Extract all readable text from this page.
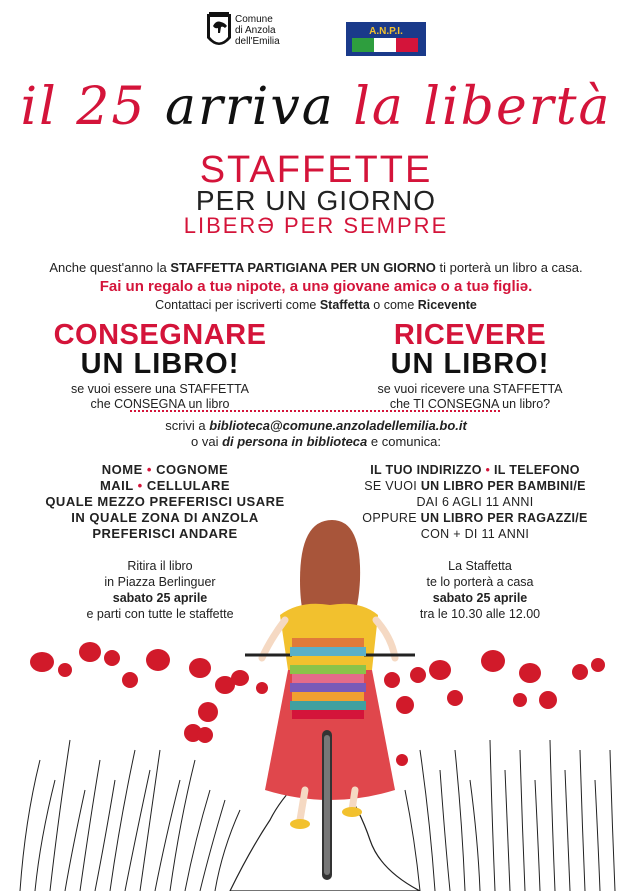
Comune
di Anzola
dell'Emilia
A.N.P.I.
il 25 arriva la libertà
STAFFETTE
PER UN GIORNO
LIBERƏ PER SEMPRE
Anche quest'anno la STAFFETTA PARTIGIANA PER UN GIORNO ti porterà un libro a casa.
Fai un regalo a tuə nipote, a unə giovane amicə o a tuə figliə.
Contattaci per iscriverti come Staffetta o come Ricevente
CONSEGNARE
UN LIBRO!
se vuoi essere una STAFFETTA
che CONSEGNA un libro
RICEVERE
UN LIBRO!
se vuoi ricevere una STAFFETTA
che TI CONSEGNA un libro?
scrivi a biblioteca@comune.anzoladellemilia.bo.it
o vai di persona in biblioteca e comunica:
NOME • COGNOME
MAIL • CELLULARE
QUALE MEZZO PREFERISCI USARE
IN QUALE ZONA DI ANZOLA
PREFERISCI ANDARE
IL TUO INDIRIZZO • IL TELEFONO
SE VUOI UN LIBRO PER BAMBINI/E
DAI 6 AGLI 11 ANNI
OPPURE UN LIBRO PER RAGAZZI/E
CON + DI 11 ANNI
Ritira il libro
in Piazza Berlinguer
sabato 25 aprile
e parti con tutte le staffette
La Staffetta
te lo porterà a casa
sabato 25 aprile
tra le 10.30 alle 12.00
